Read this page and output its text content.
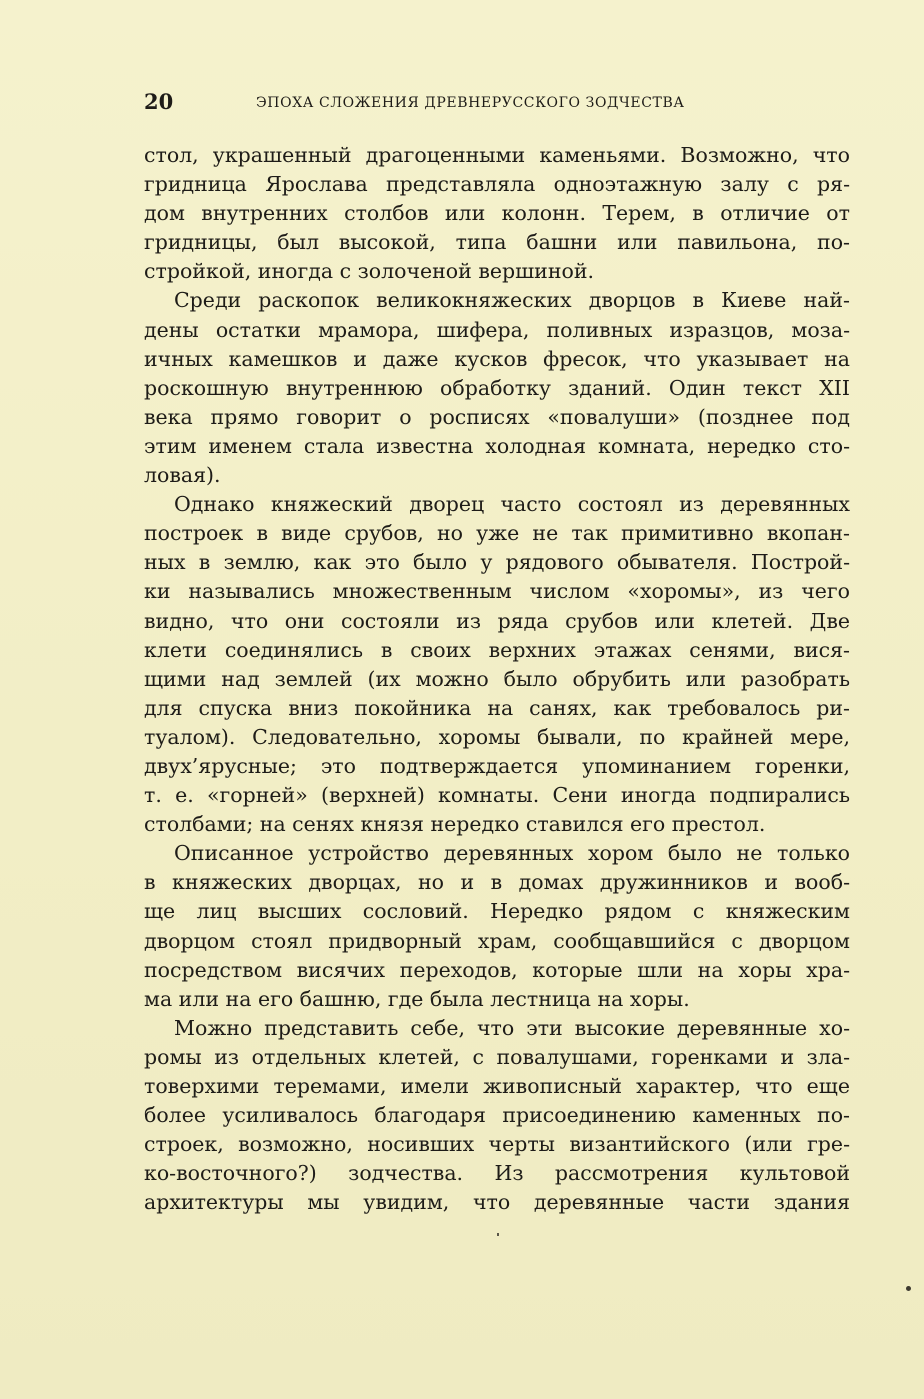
20	ЭПОХА СЛОЖЕНИЯ ДРЕВНЕРУССКОГО ЗОДЧЕСТВА
стол, украшенный драгоценными каменьями. Возможно, что
гридница Ярослава представляла одноэтажную залу с ря-
дом внутренних столбов или колонн. Терем, в отличие от
гридницы, был высокой, типа башни или павильона, по-
стройкой, иногда с золоченой вершиной.
Среди раскопок великокняжеских дворцов в Киеве най-
дены остатки мрамора, шифера, поливных изразцов, моза-
ичных камешков и даже кусков фресок, что указывает на
роскошную внутреннюю обработку зданий. Один текст XII
века прямо говорит о росписях «повалуши» (позднее под
этим именем стала известна холодная комната, нередко сто-
ловая).
Однако княжеский дворец часто состоял из деревянных
построек в виде срубов, но уже не так примитивно вкопан-
ных в землю, как это было у рядового обывателя. Построй-
ки назывались множественным числом «хоромы», из чего
видно, что они состояли из ряда срубов или клетей. Две
клети соединялись в своих верхних этажах сенями, вися-
щими над землей (их можно было обрубить или разобрать
для спуска вниз покойника на санях, как требовалось ри-
туалом). Следовательно, хоромы бывали, по крайней мере,
двух’ярусные; это подтверждается упоминанием горенки,
т. е. «горней» (верхней) комнаты. Сени иногда подпирались
столбами; на сенях князя нередко ставился его престол.
Описанное устройство деревянных хором было не только
в княжеских дворцах, но и в домах дружинников и вооб-
ще лиц высших сословий. Нередко рядом с княжеским
дворцом стоял придворный храм, сообщавшийся с дворцом
посредством висячих переходов, которые шли на хоры хра-
ма или на его башню, где была лестница на хоры.
Можно представить себе, что эти высокие деревянные хо-
ромы из отдельных клетей, с повалушами, горенками и зла-
товерхими теремами, имели живописный характер, что еще
более усиливалось благодаря присоединению каменных по-
строек, возможно, носивших черты византийского (или гре-
ко-восточного?) зодчества. Из рассмотрения культовой
архитектуры мы увидим, что деревянные части здания
